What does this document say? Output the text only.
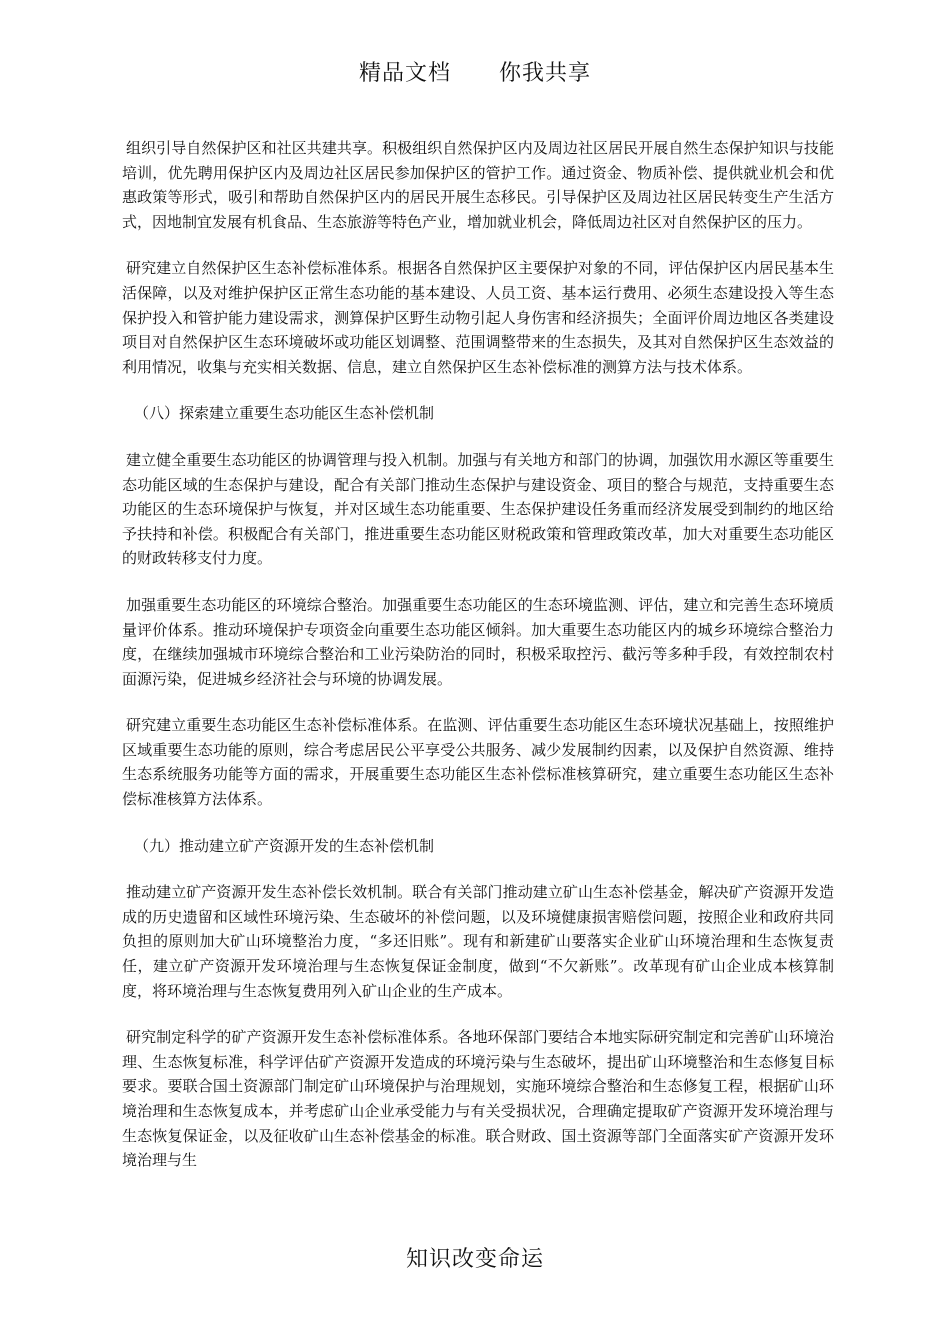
精品文档 你我共享

组织引导自然保护区和社区共建共享。积极组织自然保护区内及周边社区居民开展自然生态保护知识与技能培训，优先聘用保护区内及周边社区居民参加保护区的管护工作。通过资金、物质补偿、提供就业机会和优惠政策等形式，吸引和帮助自然保护区内的居民开展生态移民。引导保护区及周边社区居民转变生产生活方式，因地制宜发展有机食品、生态旅游等特色产业，增加就业机会，降低周边社区对自然保护区的压力。

研究建立自然保护区生态补偿标准体系。根据各自然保护区主要保护对象的不同，评估保护区内居民基本生活保障，以及对维护保护区正常生态功能的基本建设、人员工资、基本运行费用、必须生态建设投入等生态保护投入和管护能力建设需求，测算保护区野生动物引起人身伤害和经济损失；全面评价周边地区各类建设项目对自然保护区生态环境破坏或功能区划调整、范围调整带来的生态损失，及其对自然保护区生态效益的利用情况，收集与充实相关数据、信息，建立自然保护区生态补偿标准的测算方法与技术体系。

（八）探索建立重要生态功能区生态补偿机制

建立健全重要生态功能区的协调管理与投入机制。加强与有关地方和部门的协调，加强饮用水源区等重要生态功能区域的生态保护与建设，配合有关部门推动生态保护与建设资金、项目的整合与规范，支持重要生态功能区的生态环境保护与恢复，并对区域生态功能重要、生态保护建设任务重而经济发展受到制约的地区给予扶持和补偿。积极配合有关部门，推进重要生态功能区财税政策和管理政策改革，加大对重要生态功能区的财政转移支付力度。

加强重要生态功能区的环境综合整治。加强重要生态功能区的生态环境监测、评估，建立和完善生态环境质量评价体系。推动环境保护专项资金向重要生态功能区倾斜。加大重要生态功能区内的城乡环境综合整治力度，在继续加强城市环境综合整治和工业污染防治的同时，积极采取控污、截污等多种手段，有效控制农村面源污染，促进城乡经济社会与环境的协调发展。

研究建立重要生态功能区生态补偿标准体系。在监测、评估重要生态功能区生态环境状况基础上，按照维护区域重要生态功能的原则，综合考虑居民公平享受公共服务、减少发展制约因素，以及保护自然资源、维持生态系统服务功能等方面的需求，开展重要生态功能区生态补偿标准核算研究，建立重要生态功能区生态补偿标准核算方法体系。

（九）推动建立矿产资源开发的生态补偿机制

推动建立矿产资源开发生态补偿长效机制。联合有关部门推动建立矿山生态补偿基金，解决矿产资源开发造成的历史遗留和区域性环境污染、生态破坏的补偿问题，以及环境健康损害赔偿问题，按照企业和政府共同负担的原则加大矿山环境整治力度，“多还旧账”。现有和新建矿山要落实企业矿山环境治理和生态恢复责任，建立矿产资源开发环境治理与生态恢复保证金制度，做到“不欠新账”。改革现有矿山企业成本核算制度，将环境治理与生态恢复费用列入矿山企业的生产成本。

研究制定科学的矿产资源开发生态补偿标准体系。各地环保部门要结合本地实际研究制定和完善矿山环境治理、生态恢复标准，科学评估矿产资源开发造成的环境污染与生态破坏，提出矿山环境整治和生态修复目标要求。要联合国土资源部门制定矿山环境保护与治理规划，实施环境综合整治和生态修复工程，根据矿山环境治理和生态恢复成本，并考虑矿山企业承受能力与有关受损状况，合理确定提取矿产资源开发环境治理与生态恢复保证金，以及征收矿山生态补偿基金的标准。联合财政、国土资源等部门全面落实矿产资源开发环境治理与生

知识改变命运
